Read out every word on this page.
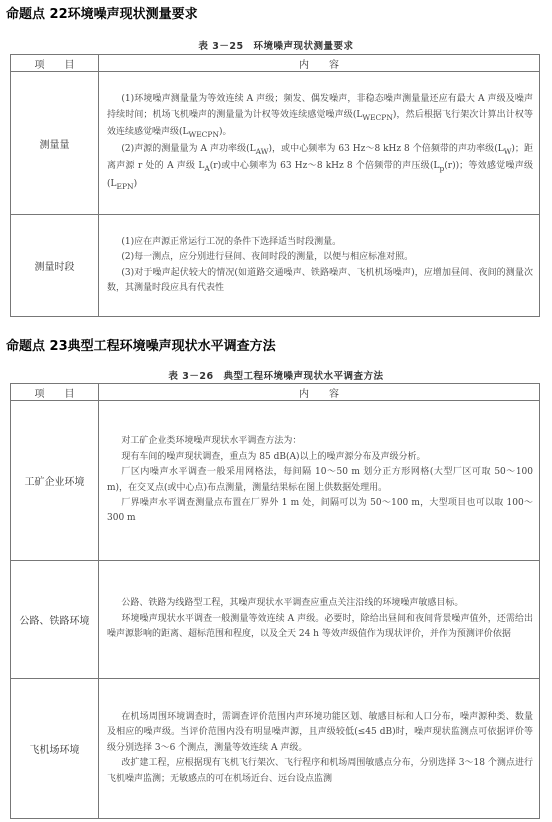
命题点 22环境噪声现状测量要求
表 3－25　环境噪声现状测量要求
项　　目	内　　容
测量量	(1)环境噪声测量量为等效连续 A 声级；频发、偶发噪声，非稳态噪声测量量还应有最大 A 声级及噪声持续时间；机场飞机噪声的测量量为计权等效连续感觉噪声级$(L_{WECPN})$，然后根据飞行架次计算出计权等效连续感觉噪声级$(L_{WECPN})$。

(2)声源的测量量为 A 声功率级$(L_{AW})$，或中心频率为 63 Hz～8 kHz 8 个倍频带的声功率级$(L_W)$；距离声源 r 处的 A 声级 $L_A(r)$或中心频率为 63 Hz～8 kHz 8 个倍频带的声压级$(L_p(r))$；等效感觉噪声级$(L_{EPN})$

测量时段	(1)应在声源正常运行工况的条件下选择适当时段测量。

(2)每一测点，应分别进行昼间、夜间时段的测量，以便与相应标准对照。

(3)对于噪声起伏较大的情况(如道路交通噪声、铁路噪声、飞机机场噪声)，应增加昼间、夜间的测量次数，其测量时段应具有代表性

命题点 23典型工程环境噪声现状水平调查方法
表 3－26　典型工程环境噪声现状水平调查方法
项　　目	内　　容
工矿企业环境	对工矿企业类环境噪声现状水平调查方法为：

现有车间的噪声现状调查，重点为 85 dB(A)以上的噪声源分布及声级分析。

厂区内噪声水平调查一般采用网格法，每间隔 10～50 m 划分正方形网格(大型厂区可取 50～100 m)，在交叉点(或中心点)布点测量，测量结果标在图上供数据处理用。

厂界噪声水平调查测量点布置在厂界外 1 m 处，间隔可以为 50～100 m，大型项目也可以取 100～300 m

公路、铁路环境	公路、铁路为线路型工程，其噪声现状水平调查应重点关注沿线的环境噪声敏感目标。

环境噪声现状水平调查一般测量等效连续 A 声级。必要时，除给出昼间和夜间背景噪声值外，还需给出噪声源影响的距离、超标范围和程度，以及全天 24 h 等效声级值作为现状评价，并作为预测评价依据

飞机场环境	在机场周围环境调查时，需调查评价范围内声环境功能区划、敏感目标和人口分布，噪声源种类、数量及相应的噪声级。当评价范围内没有明显噪声源，且声级较低(≤45 dB)时，噪声现状监测点可依据评价等级分别选择 3～6 个测点，测量等效连续 A 声级。

改扩建工程，应根据现有飞机飞行架次、飞行程序和机场周围敏感点分布，分别选择 3～18 个测点进行飞机噪声监测；无敏感点的可在机场近台、远台设点监测
